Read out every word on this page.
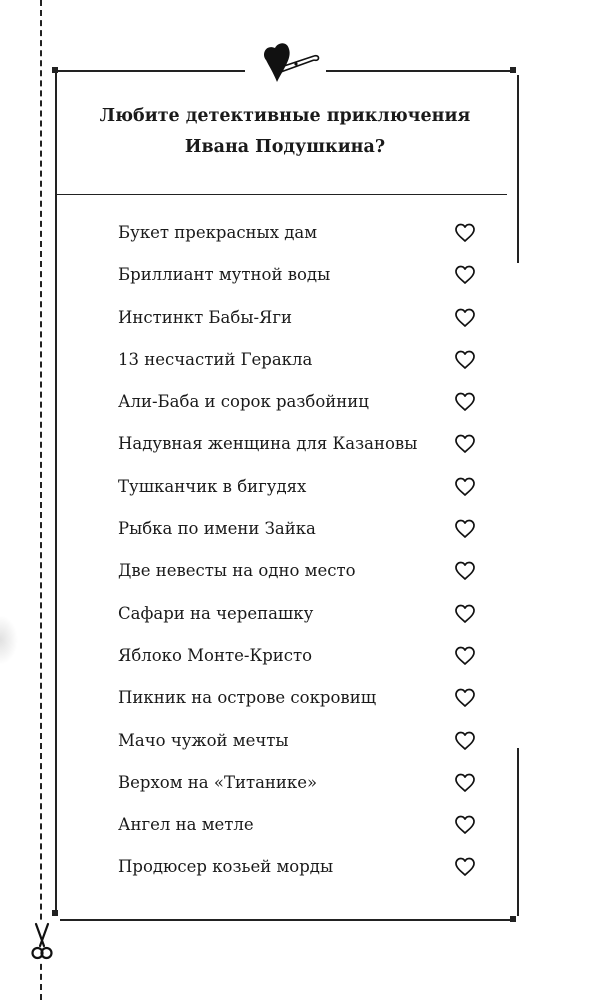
Любите детективные приключения
Ивана Подушкина?
Букет прекрасных дам
Бриллиант мутной воды
Инстинкт Бабы-Яги
13 несчастий Геракла
Али-Баба и сорок разбойниц
Надувная женщина для Казановы
Тушканчик в бигудях
Рыбка по имени Зайка
Две невесты на одно место
Сафари на черепашку
Яблоко Монте-Кристо
Пикник на острове сокровищ
Мачо чужой мечты
Верхом на «Титанике»
Ангел на метле
Продюсер козьей морды
